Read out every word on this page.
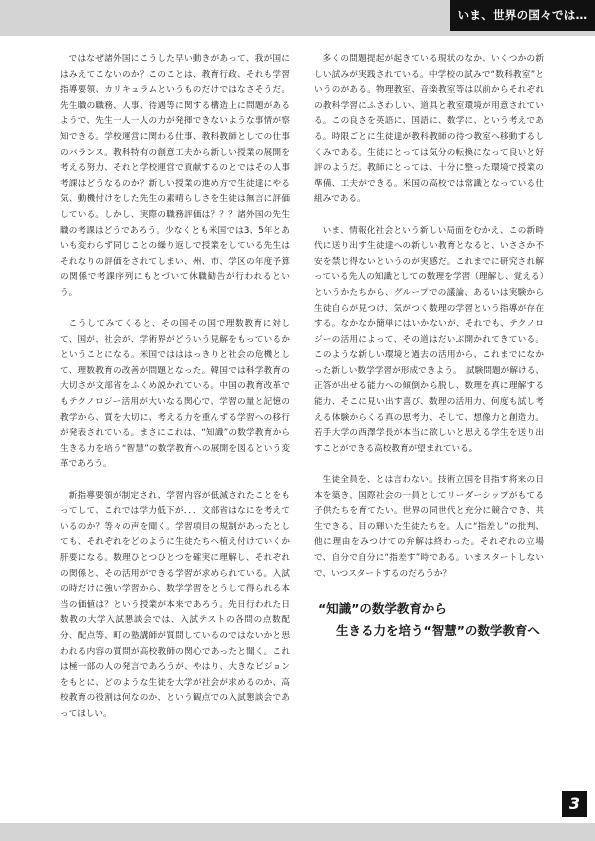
いま、世界の国々では…

ではなぜ諸外国にこうした早い動きがあって、我が国にはみえてこないのか？このことは、教育行政、それも学習指導要領、カリキュラムというものだけではなさそうだ。先生職の職務、人事、待遇等に関する構造上に問題があるようで、先生一人一人の力が発揮できないような事情が察知できる。学校運営に関わる仕事、教科教師としての仕事のバランス。教科特有の創意工夫から新しい授業の展開を考える努力、それと学校運営で貢献するのとではその人事考課はどうなるのか？新しい授業の進め方で生徒達にやる気、動機付けをした先生の素晴らしさを生徒は無言に評価している。しかし、実際の職務評価は？？？諸外国の先生職の考課はどうであろう。少なくとも米国では3、5年とあいも変わらず同じことの繰り返しで授業をしている先生はそれなりの評価をされてしまい、州、市、学区の年度予算の関係で考課序列にもとづいて休職勧告が行われるという。

こうしてみてくると、その国その国で理数教育に対して、国が、社会が、学術界がどういう見解をもっているかということになる。米国ではははっきりと社会の危機として、理数教育の改善が問題となった。韓国では科学教育の大切さが文部省をふくめ説かれている。中国の教育改革でもテクノロジー活用が大いなる関心で、学習の量と記憶の教学から、質を大切に、考える力を重んずる学習への移行が発表されている。まさにこれは、“知識”の数学教育から生きる力を培う“智慧”の数学教育への展開を図るという変革であろう。

新指導要領が制定され、学習内容が低減されたことをもってして、これでは学力低下が．．．文部省はなにを考えているのか？等々の声を聞く。学習項目の規制があったとしても、それぞれをどのように生徒たちへ植え付けていくか肝要になる。数理ひとつひとつを確実に理解し、それぞれの関係と、その活用ができる学習が求められている。入試の時だけに強い学習から、数学学習をとうして得られる本当の価値は？という授業が本来であろう。先日行われた日数教の大学入試懇談会では、入試テストの各問の点数配分、配点等、町の塾講師が質問しているのではないかと思われる内容の質問が高校教師の関心であったと聞く。これは極一部の人の発言であろうが、やはり、大きなビジョンをもとに、どのような生徒を大学が社会が求めるのか、高校教育の役割は何なのか、という観点での入試懇談会であってほしい。

多くの問題提起が起きている現状のなか、いくつかの新しい試みが実践されている。中学校の試みで“数科教室”というのがある。物理教室、音楽教室等は以前からそれぞれの教科学習にふさわしい、道具と教室環境が用意されている。この良さを英語に、国語に、数学に、という考えである。時限ごとに生徒達が教科教師の待つ教室へ移動するしくみである。生徒にとっては気分の転換になって良いと好評のようだ。教師にとっては、十分に整った環境で授業の準備、工夫ができる。米国の高校では常識となっている仕組みである。

いま、情報化社会という新しい局面をむかえ、この新時代に送り出す生徒達への新しい教育となると、いささか不安を禁じ得ないというのが実感だ。これまでに研究され解っている先人の知識としての数理を学習（理解し、覚える）というかたちから、グループでの議論、あるいは実験から生徒自らが見つけ、気がつく数理の学習という指導が存在する。なかなか簡単にはいかないが、それでも、テクノロジーの活用によって、その道はだいぶ開かれてきている。このような新しい環境と過去の活用から、これまでになかった新しい数学学習が形成できよう。　試験問題が解ける、正答が出せる能力への傾倒から脱し、数理を真に理解する能力、そこに見い出す喜び、数理の活用力、何度も試し考える体験からくる真の思考力、そして、想像力と創造力。若手大学の西澤学長が本当に欲しいと思える学生を送り出すことができる高校教育が望まれている。

生徒全員を、とは言わない。技術立国を目指す将来の日本を築き、国際社会の一員としてリーダーシップがもてる子供たちを育てたい。世界の同世代と充分に競合でき、共生できる、目の輝いた生徒たちを。人に“指差し”の批判、他に理由をみつけての弁解は終わった。それぞれの立場で、自分で自分に“指差す”時である。いまスタートしないで、いつスタートするのだろうか？

“知識”の数学教育から
生きる力を培う“智慧”の数学教育へ
3
